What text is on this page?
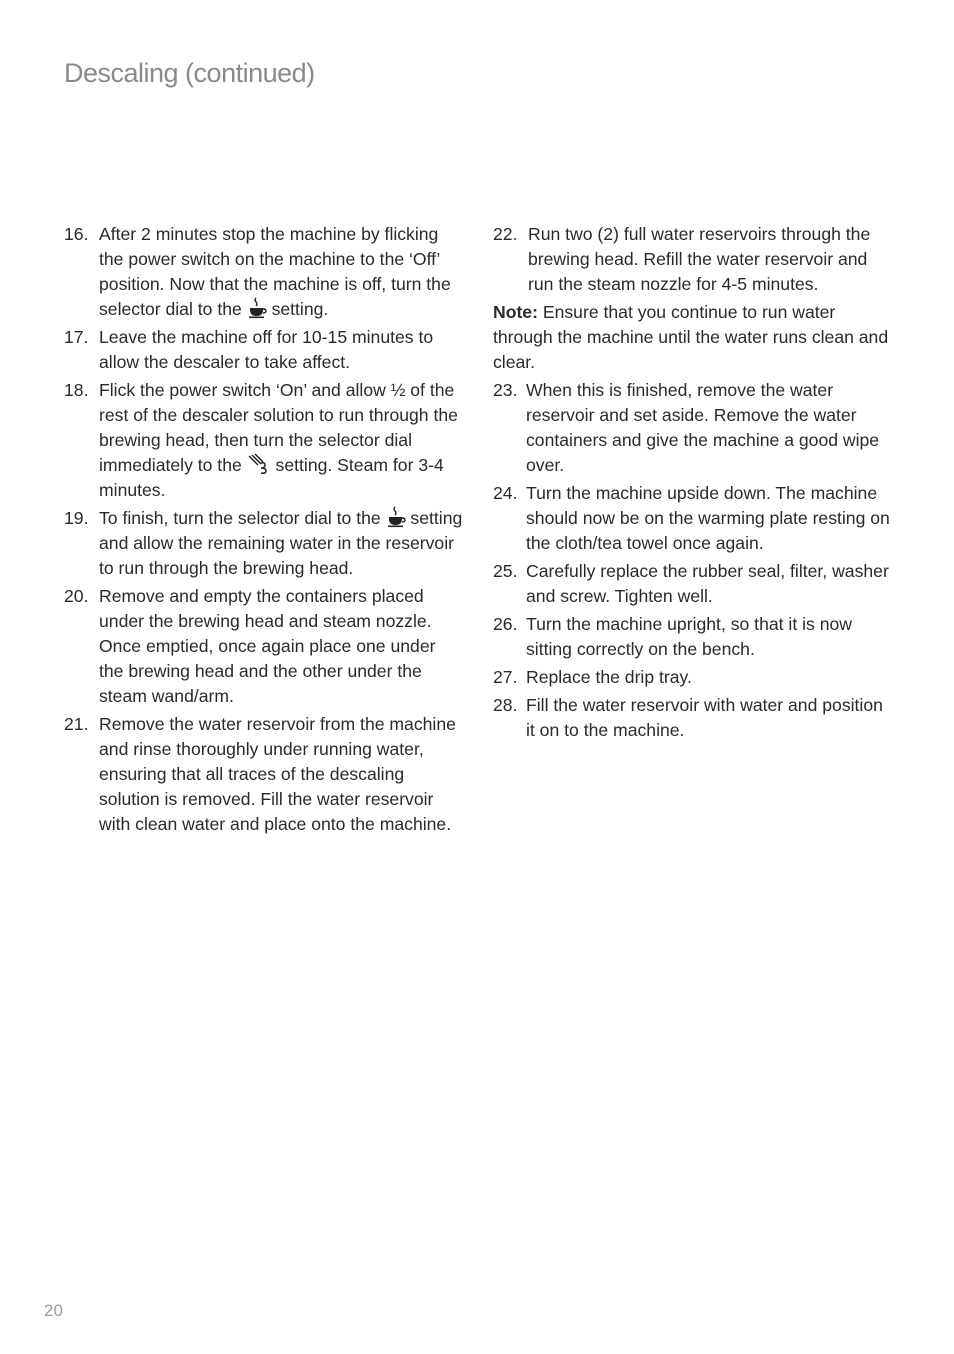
Descaling (continued)
16. After 2 minutes stop the machine by flicking the power switch on the machine to the ‘Off’ position. Now that the machine is off, turn the selector dial to the  setting.
17. Leave the machine off for 10-15 minutes to allow the descaler to take affect.
18. Flick the power switch ‘On’ and allow ½ of the rest of the descaler solution to run through the brewing head, then turn the selector dial immediately to the  setting. Steam for 3-4 minutes.
19. To finish, turn the selector dial to the  setting and allow the remaining water in the reservoir to run through the brewing head.
20. Remove and empty the containers placed under the brewing head and steam nozzle. Once emptied, once again place one under the brewing head and the other under the steam wand/arm.
21. Remove the water reservoir from the machine and rinse thoroughly under running water, ensuring that all traces of the descaling solution is removed. Fill the water reservoir with clean water and place onto the machine.
22. Run two (2) full water reservoirs through the brewing head. Refill the water reservoir and run the steam nozzle for 4-5 minutes.
Note: Ensure that you continue to run water through the machine until the water runs clean and clear.
23. When this is finished, remove the water reservoir and set aside. Remove the water containers and give the machine a good wipe over.
24. Turn the machine upside down. The machine should now be on the warming plate resting on the cloth/tea towel once again.
25. Carefully replace the rubber seal, filter, washer and screw. Tighten well.
26. Turn the machine upright, so that it is now sitting correctly on the bench.
27. Replace the drip tray.
28. Fill the water reservoir with water and position it on to the machine.
20
